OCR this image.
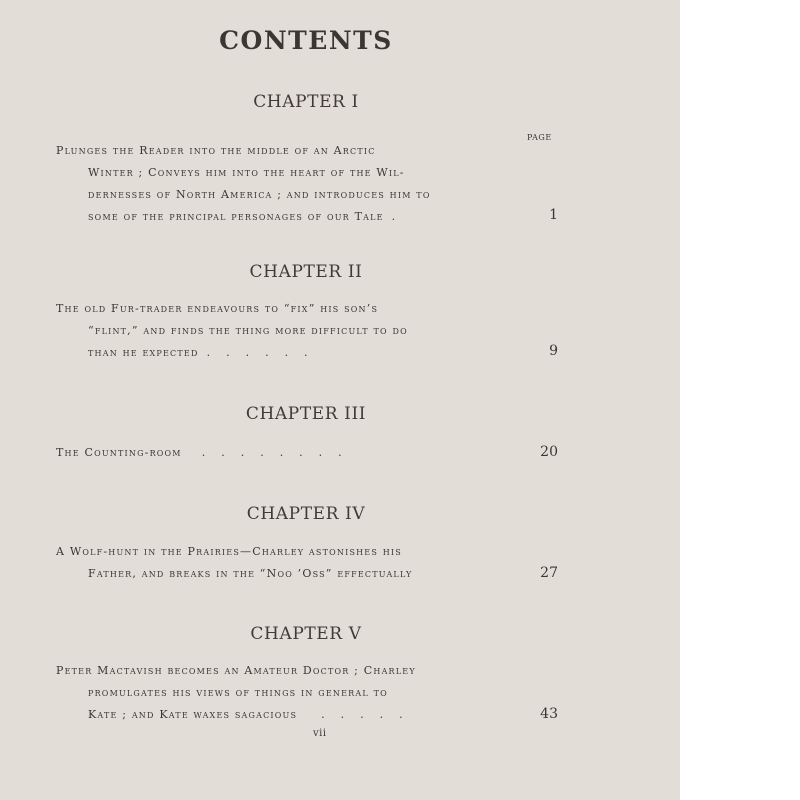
CONTENTS
PAGE
CHAPTER I
Plunges the Reader into the middle of an Arctic
Winter ; Conveys him into the heart of the Wil-
dernesses of North America ; and introduces him to
some of the principal personages of our Tale .	1
CHAPTER II
The old Fur-trader endeavours to “fix” his son’s
“flint,” and finds the thing more difficult to do
than he expected ......	9
CHAPTER III
The Counting-room ........	20
CHAPTER IV
A Wolf-hunt in the Prairies—Charley astonishes his
Father, and breaks in the “Noo ’Oss” effectually	27
CHAPTER V
Peter Mactavish becomes an Amateur Doctor ; Charley
promulgates his views of things in general to
Kate ; and Kate waxes sagacious .....	43
vii
